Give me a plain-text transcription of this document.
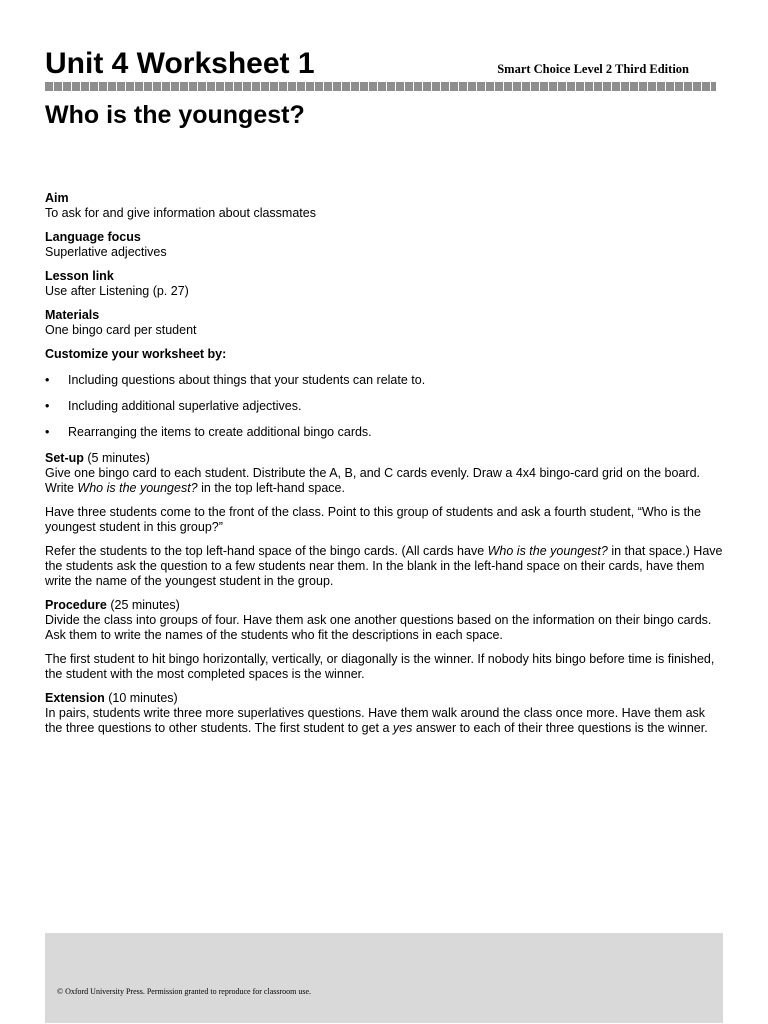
Unit 4 Worksheet 1	Smart Choice Level 2 Third Edition
Who is the youngest?
Aim
To ask for and give information about classmates
Language focus
Superlative adjectives
Lesson link
Use after Listening (p. 27)
Materials
One bingo card per student
Customize your worksheet by:
• Including questions about things that your students can relate to.
• Including additional superlative adjectives.
• Rearranging the items to create additional bingo cards.
Set-up (5 minutes)

Give one bingo card to each student. Distribute the A, B, and C cards evenly. Draw a 4x4 bingo-card grid on the board. Write Who is the youngest? in the top left-hand space.

Have three students come to the front of the class. Point to this group of students and ask a fourth student, “Who is the youngest student in this group?”

Refer the students to the top left-hand space of the bingo cards. (All cards have Who is the youngest? in that space.) Have the students ask the question to a few students near them. In the blank in the left-hand space on their cards, have them write the name of the youngest student in the group.

Procedure (25 minutes)

Divide the class into groups of four. Have them ask one another questions based on the information on their bingo cards. Ask them to write the names of the students who fit the descriptions in each space.

The first student to hit bingo horizontally, vertically, or diagonally is the winner. If nobody hits bingo before time is finished, the student with the most completed spaces is the winner.

Extension (10 minutes)

In pairs, students write three more superlatives questions. Have them walk around the class once more. Have them ask the three questions to other students. The first student to get a yes answer to each of their three questions is the winner.

© Oxford University Press. Permission granted to reproduce for classroom use.
